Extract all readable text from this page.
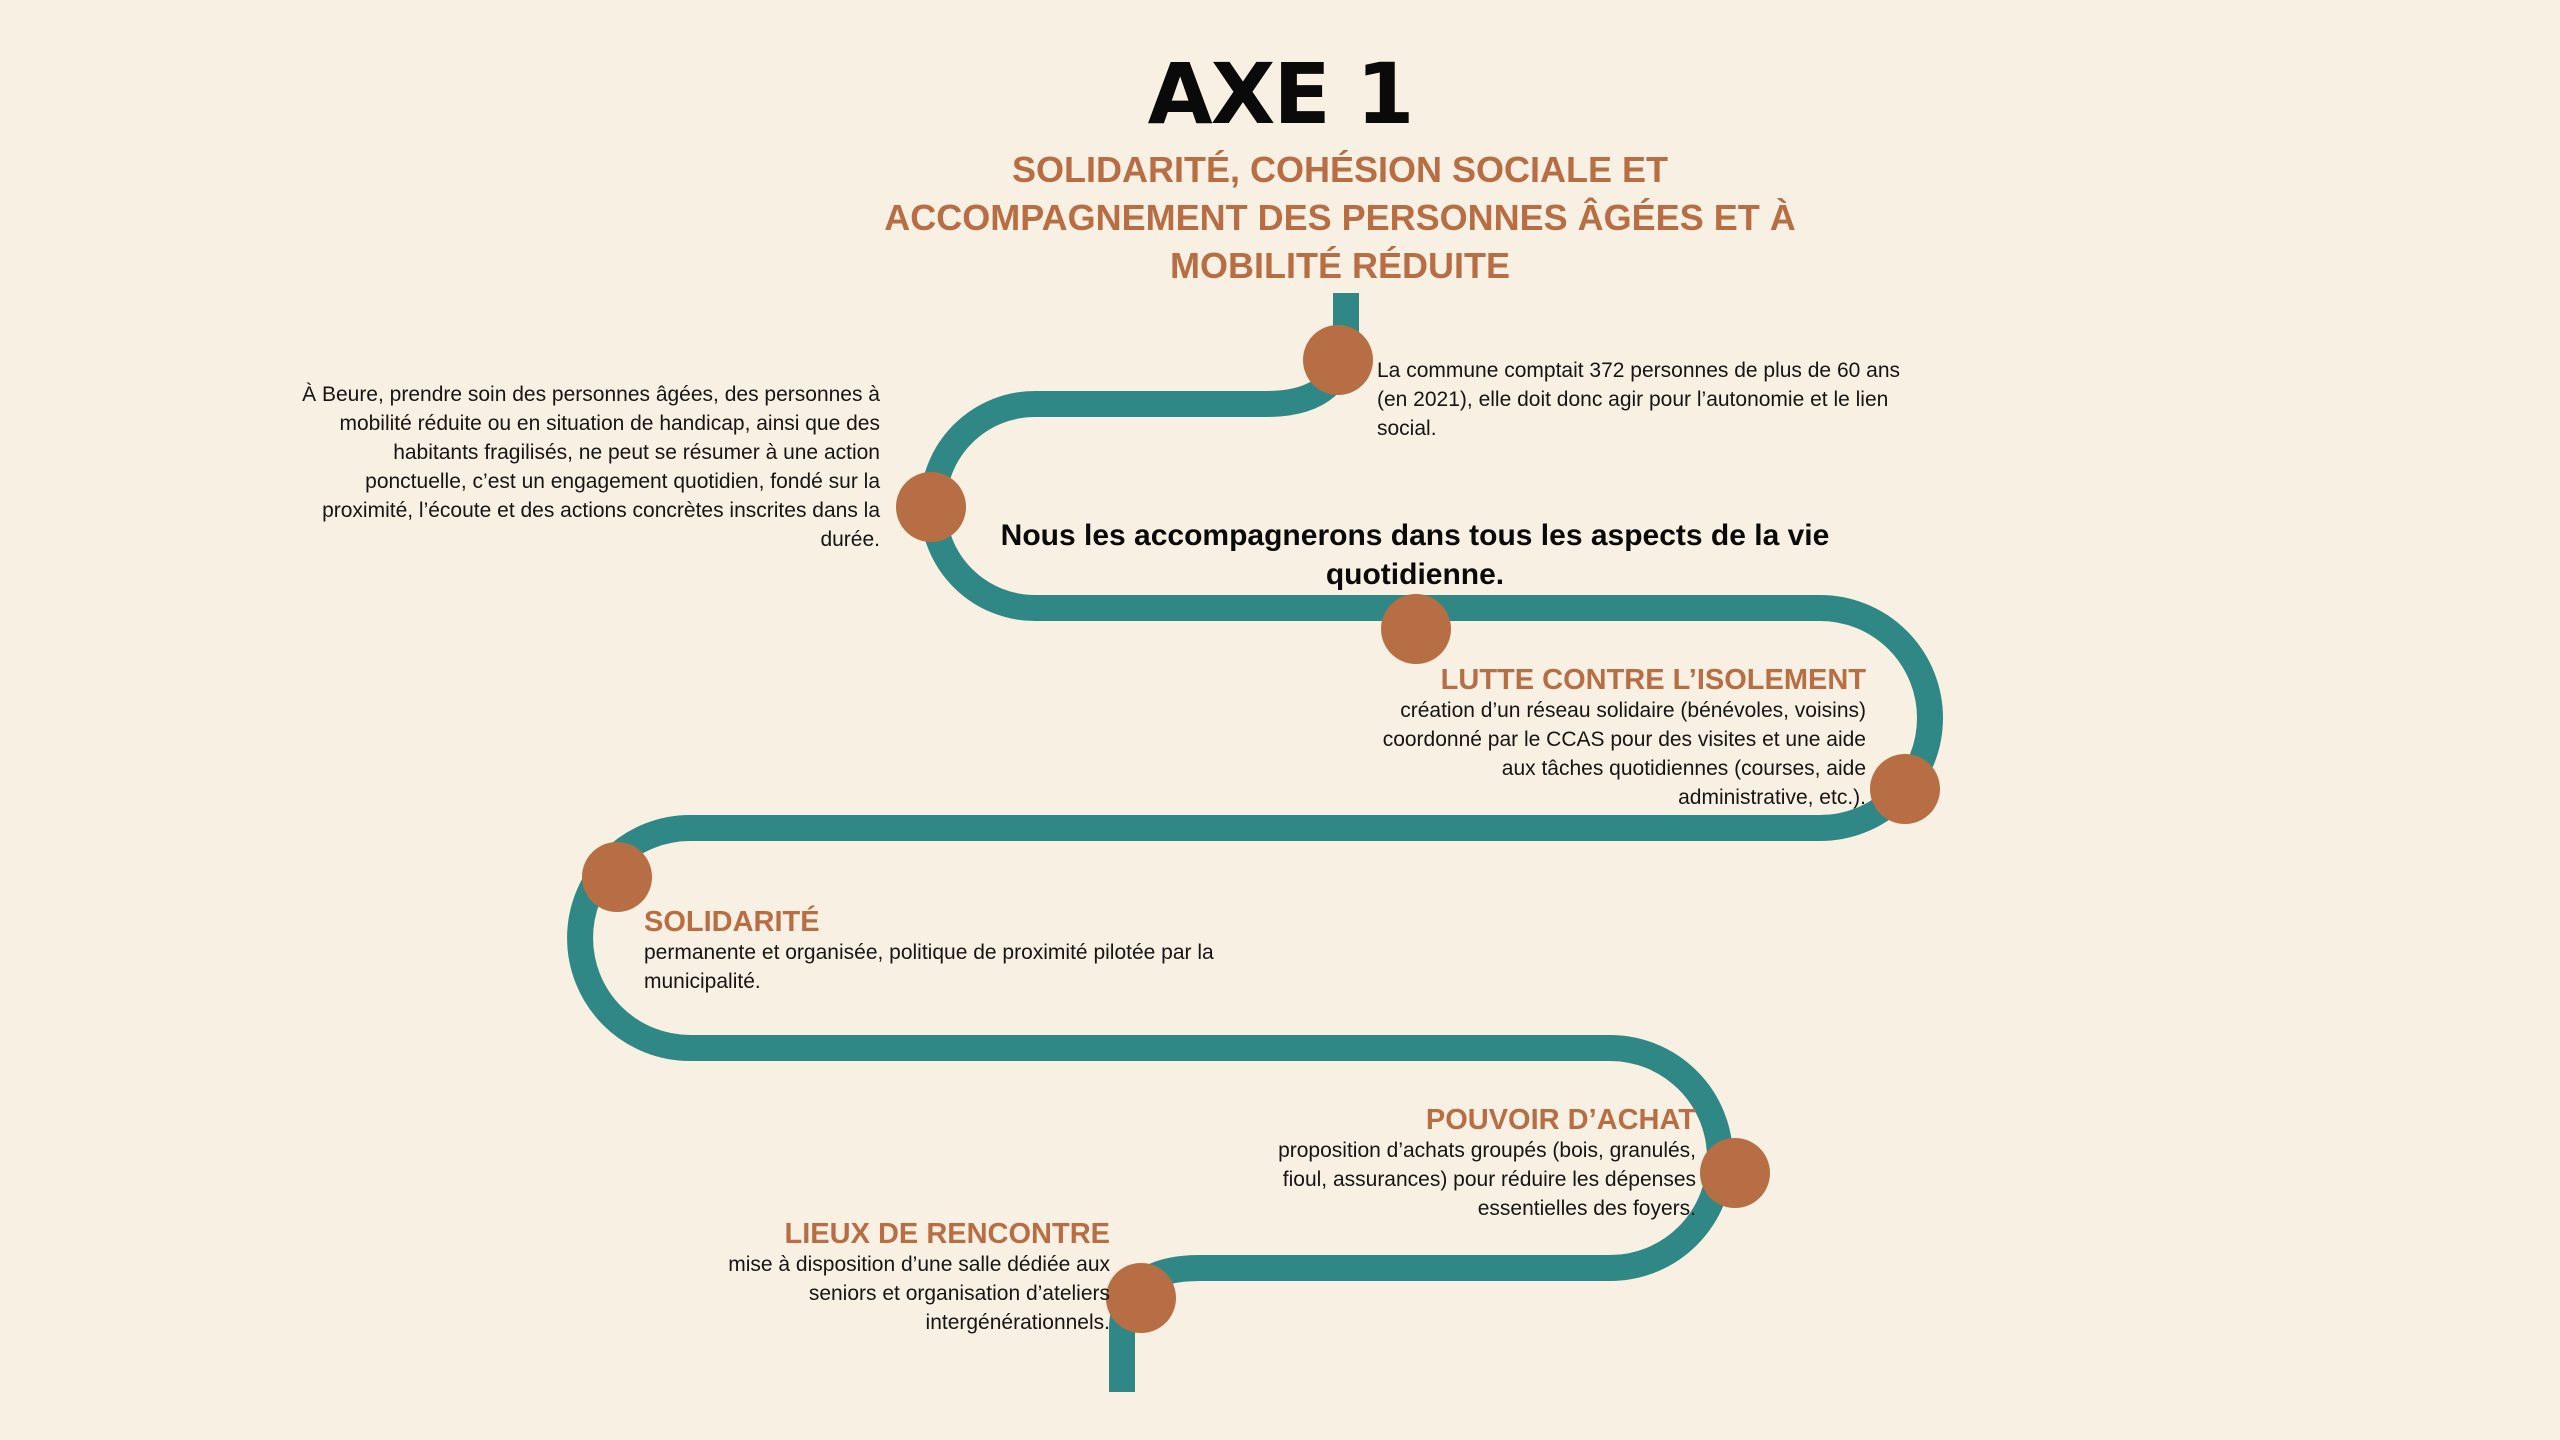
AXE 1
SOLIDARITÉ, COHÉSION SOCIALE ET ACCOMPAGNEMENT DES PERSONNES ÂGÉES ET À MOBILITÉ RÉDUITE
La commune comptait 372 personnes de plus de 60 ans (en 2021), elle doit donc agir pour l’autonomie et le lien social.
À Beure, prendre soin des personnes âgées, des personnes à mobilité réduite ou en situation de handicap, ainsi que des habitants fragilisés, ne peut se résumer à une action ponctuelle, c’est un engagement quotidien, fondé sur la proximité, l’écoute et des actions concrètes inscrites dans la durée.	Nous les accompagnerons dans tous les aspects de la vie quotidienne.
LUTTE CONTRE L’ISOLEMENT
création d’un réseau solidaire (bénévoles, voisins) coordonné par le CCAS pour des visites et une aide aux tâches quotidiennes (courses, aide administrative, etc.).
SOLIDARITÉ
permanente et organisée, politique de proximité pilotée par la municipalité.
POUVOIR D’ACHAT
proposition d’achats groupés (bois, granulés, fioul, assurances) pour réduire les dépenses essentielles des foyers.
LIEUX DE RENCONTRE
mise à disposition d’une salle dédiée aux seniors et organisation d’ateliers intergénérationnels.
